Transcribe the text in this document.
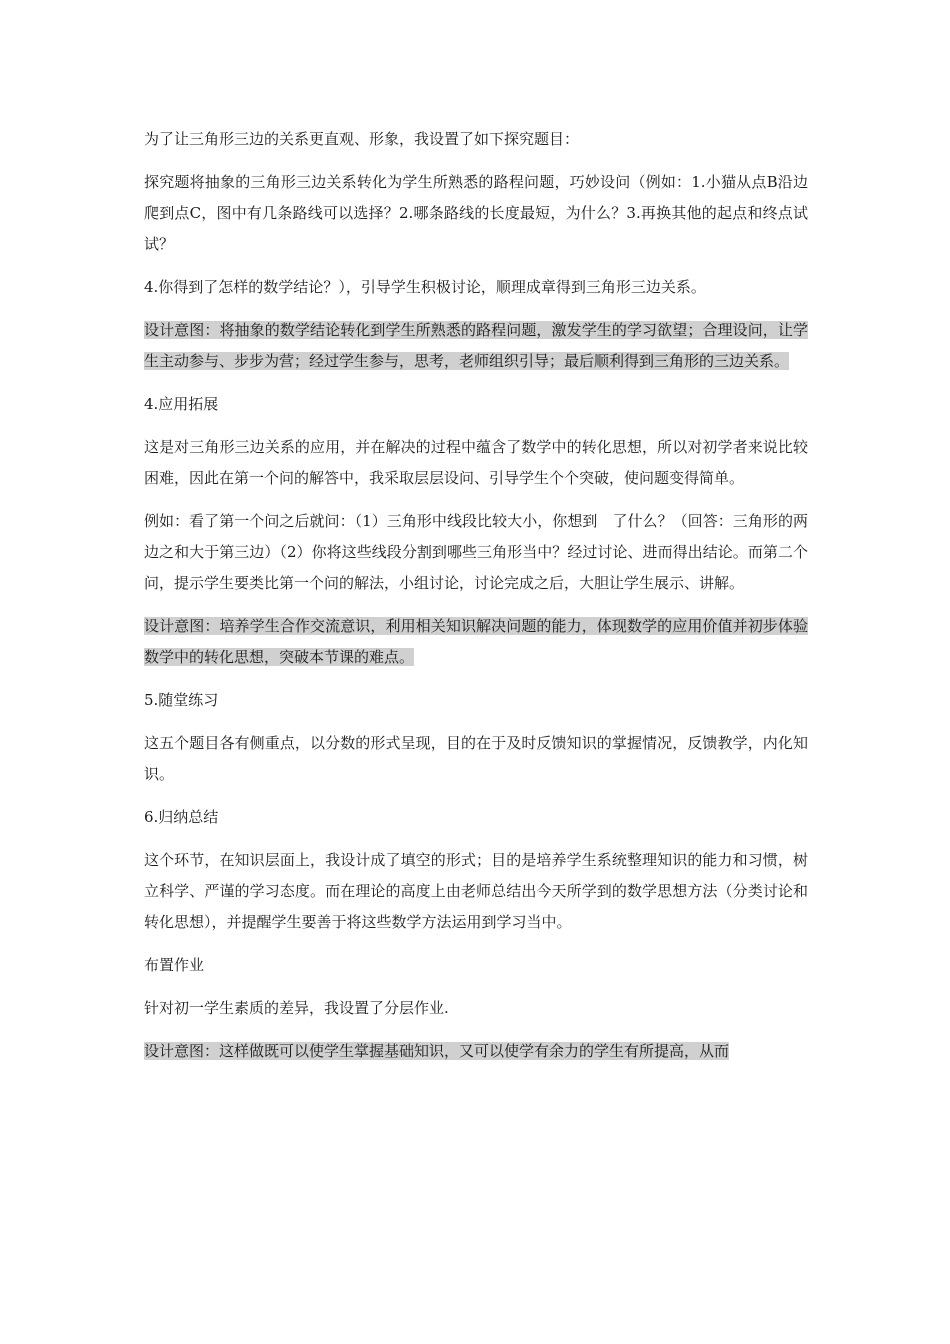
为了让三角形三边的关系更直观、形象，我设置了如下探究题目：

探究题将抽象的三角形三边关系转化为学生所熟悉的路程问题，巧妙设问（例如：1.小猫从点B沿边爬到点C，图中有几条路线可以选择？2.哪条路线的长度最短，为什么？3.再换其他的起点和终点试试？

4.你得到了怎样的数学结论？），引导学生积极讨论，顺理成章得到三角形三边关系。

设计意图：将抽象的数学结论转化到学生所熟悉的路程问题，激发学生的学习欲望；合理设问，让学生主动参与、步步为营；经过学生参与，思考，老师组织引导；最后顺利得到三角形的三边关系。

4.应用拓展

这是对三角形三边关系的应用，并在解决的过程中蕴含了数学中的转化思想，所以对初学者来说比较困难，因此在第一个问的解答中，我采取层层设问、引导学生个个突破，使问题变得简单。

例如：看了第一个问之后就问：（1）三角形中线段比较大小，你想到　了什么？（回答：三角形的两边之和大于第三边）（2）你将这些线段分割到哪些三角形当中？经过讨论、进而得出结论。而第二个问，提示学生要类比第一个问的解法，小组讨论，讨论完成之后，大胆让学生展示、讲解。

设计意图：培养学生合作交流意识，利用相关知识解决问题的能力，体现数学的应用价值并初步体验数学中的转化思想，突破本节课的难点。

5.随堂练习

这五个题目各有侧重点，以分数的形式呈现，目的在于及时反馈知识的掌握情况，反馈教学，内化知识。

6.归纳总结

这个环节，在知识层面上，我设计成了填空的形式；目的是培养学生系统整理知识的能力和习惯，树立科学、严谨的学习态度。而在理论的高度上由老师总结出今天所学到的数学思想方法（分类讨论和转化思想），并提醒学生要善于将这些数学方法运用到学习当中。

布置作业

针对初一学生素质的差异，我设置了分层作业.

设计意图：这样做既可以使学生掌握基础知识，又可以使学有余力的学生有所提高，从而
